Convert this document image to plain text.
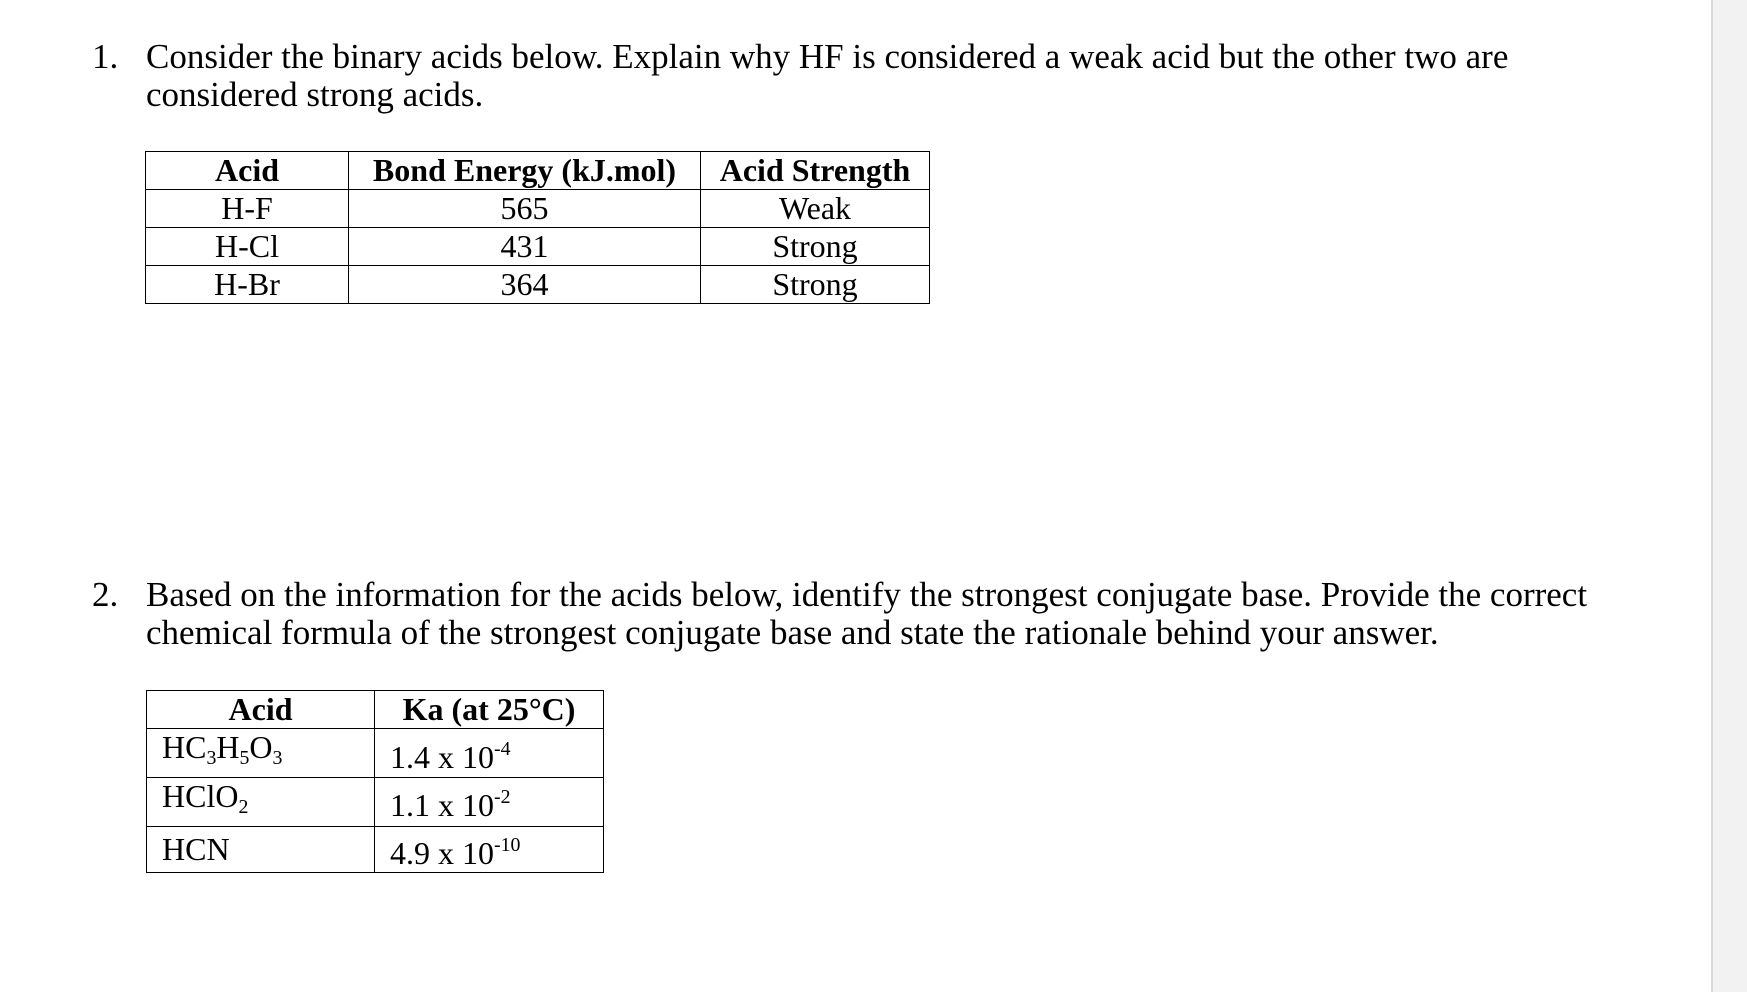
1. Consider the binary acids below. Explain why HF is considered a weak acid but the other two are considered strong acids.
Acid	Bond Energy (kJ.mol)	Acid Strength
H-F	565	Weak
H-Cl	431	Strong
H-Br	364	Strong
2. Based on the information for the acids below, identify the strongest conjugate base. Provide the correct chemical formula of the strongest conjugate base and state the rationale behind your answer.
Acid	Ka (at 25°C)
$HC_3H_5O_3$	1.4 x $10^{-4}$
HClO$_2$	1.1 x $10^{-2}$
HCN	4.9 x $10^{-10}$
